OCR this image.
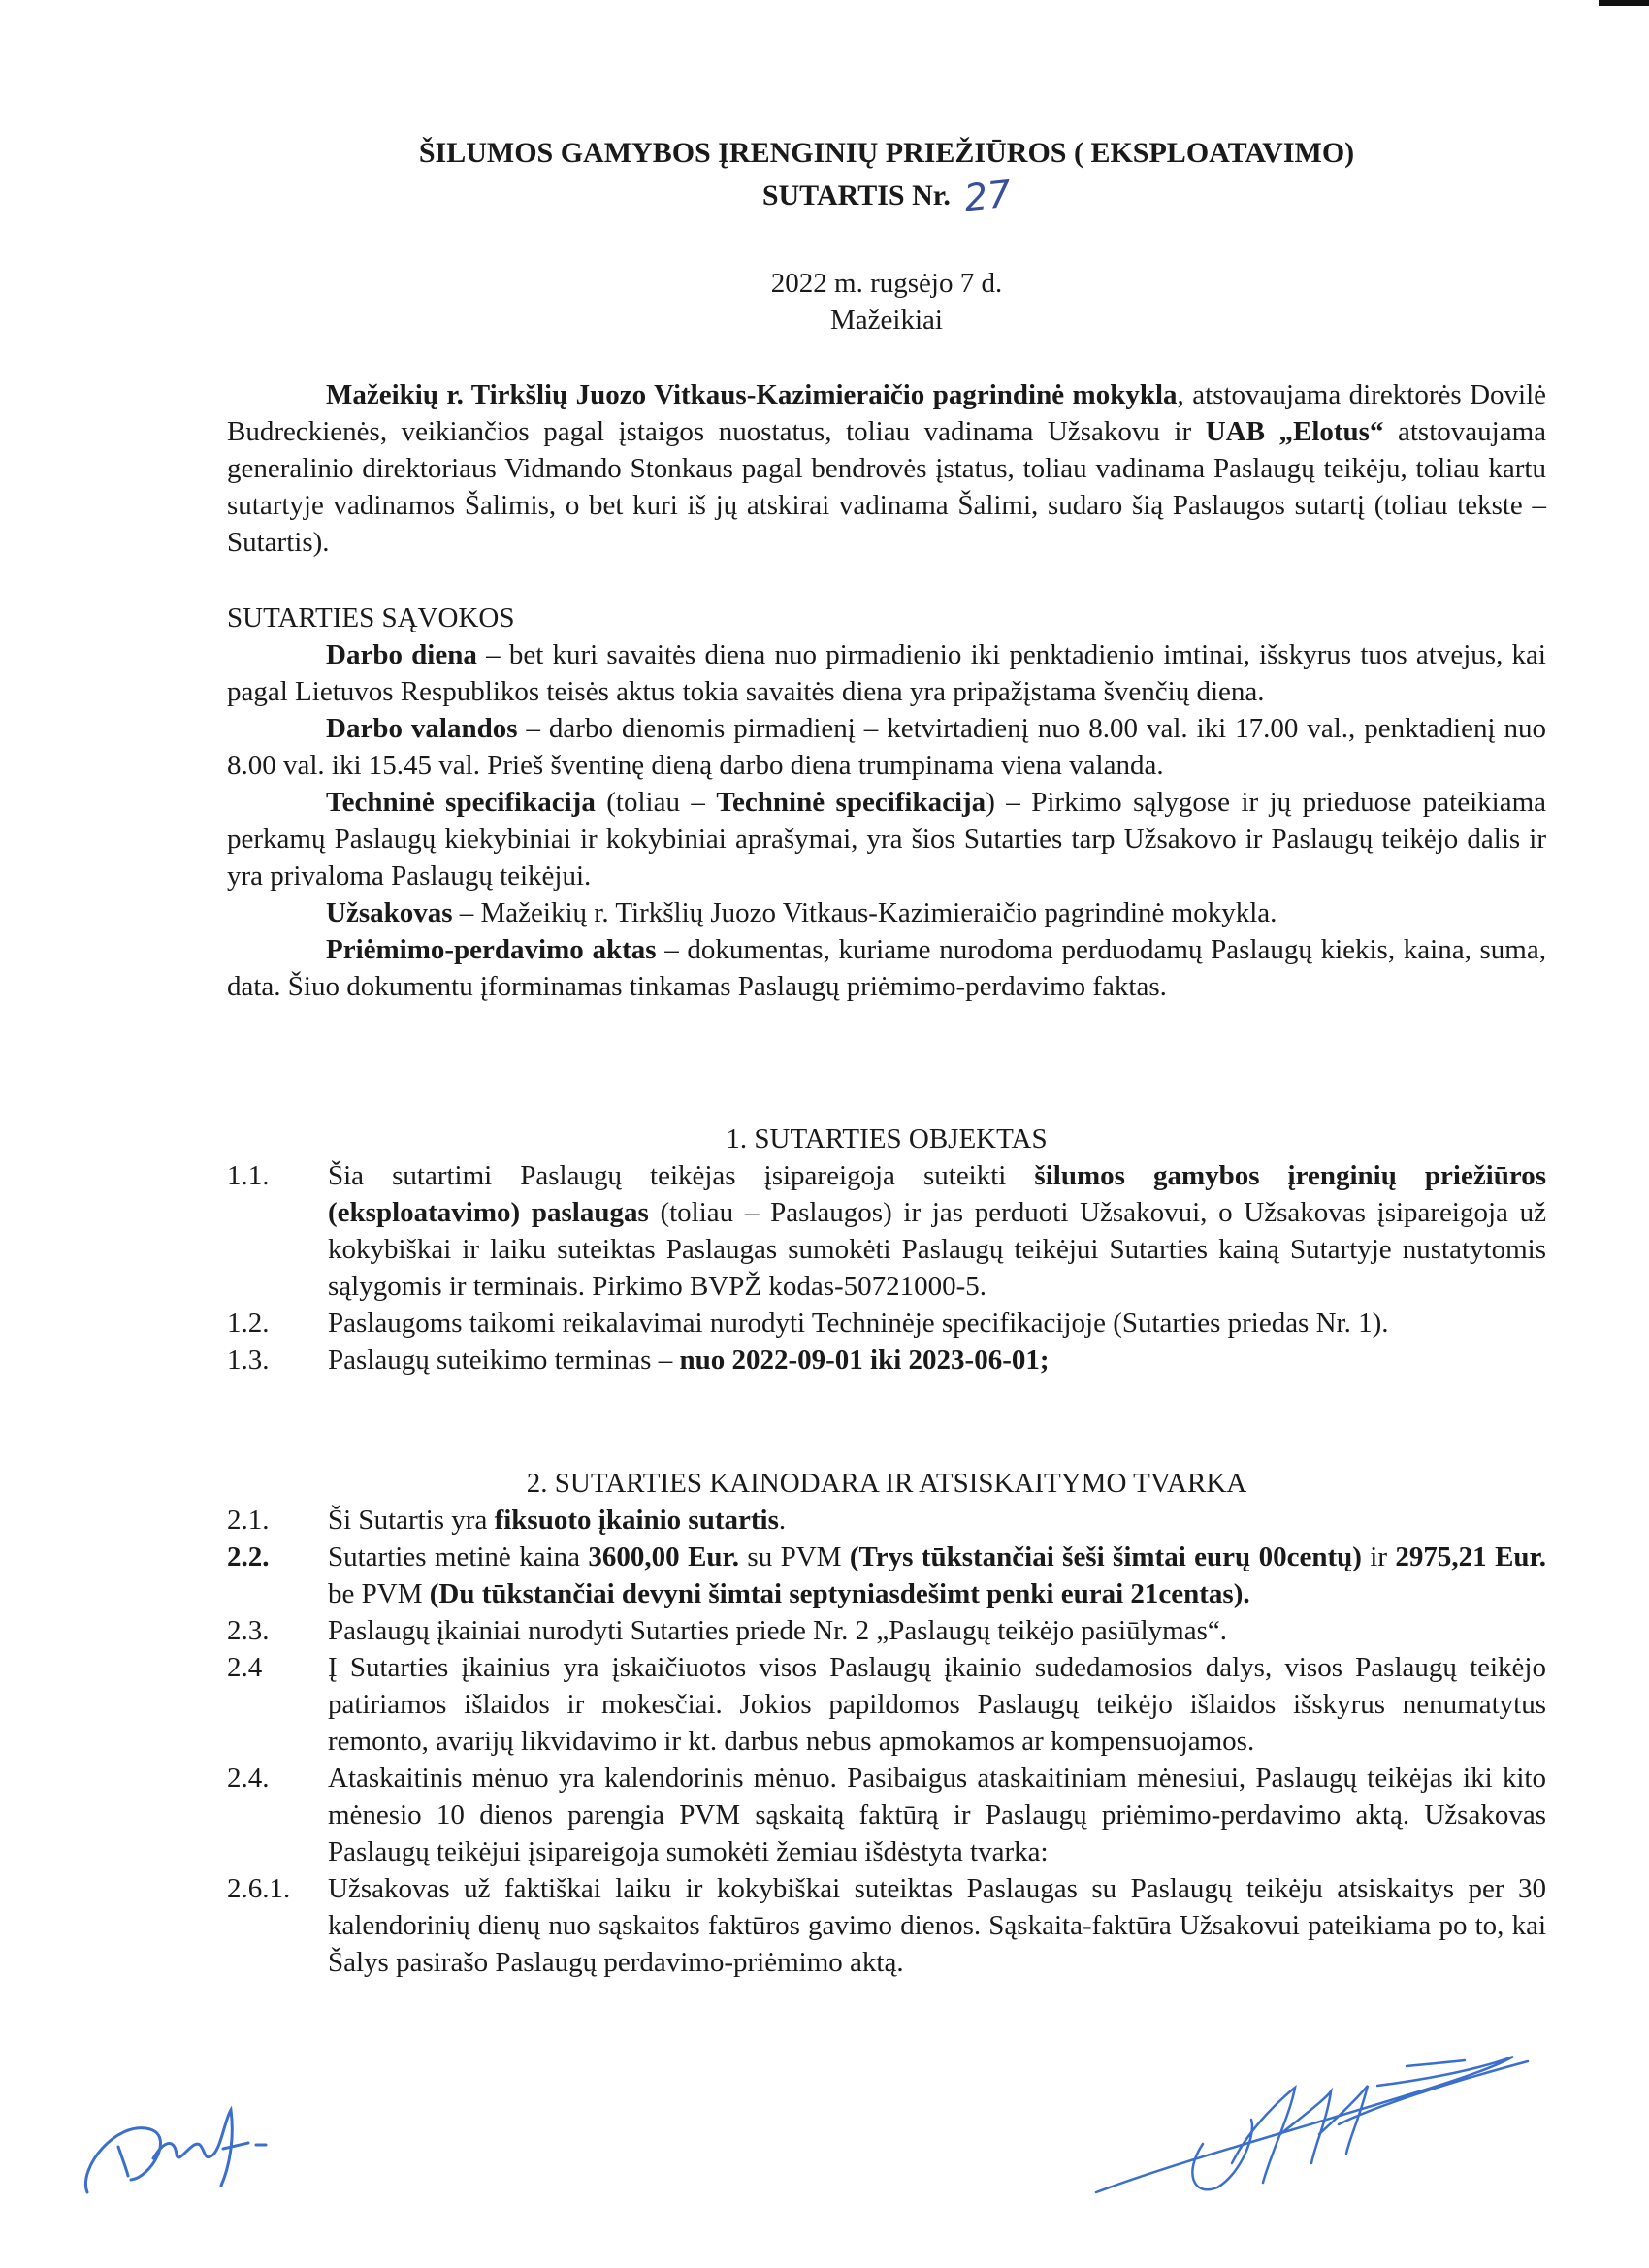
ŠILUMOS GAMYBOS ĮRENGINIŲ PRIEŽIŪROS ( EKSPLOATAVIMO)
SUTARTIS Nr. 27
2022 m. rugsėjo 7 d.
Mažeikiai

Mažeikių r. Tirkšlių Juozo Vitkaus-Kazimieraičio pagrindinė mokykla, atstovaujama direktorės Dovilė Budreckienės, veikiančios pagal įstaigos nuostatus, toliau vadinama Užsakovu ir UAB „Elotus“ atstovaujama generalinio direktoriaus Vidmando Stonkaus pagal bendrovės įstatus, toliau vadinama Paslaugų teikėju, toliau kartu sutartyje vadinamos Šalimis, o bet kuri iš jų atskirai vadinama Šalimi, sudaro šią Paslaugos sutartį (toliau tekste – Sutartis).

SUTARTIES SĄVOKOS

Darbo diena – bet kuri savaitės diena nuo pirmadienio iki penktadienio imtinai, išskyrus tuos atvejus, kai pagal Lietuvos Respublikos teisės aktus tokia savaitės diena yra pripažįstama švenčių diena.

Darbo valandos – darbo dienomis pirmadienį – ketvirtadienį nuo 8.00 val. iki 17.00 val., penktadienį nuo 8.00 val. iki 15.45 val. Prieš šventinę dieną darbo diena trumpinama viena valanda.

Techninė specifikacija (toliau – Techninė specifikacija) – Pirkimo sąlygose ir jų prieduose pateikiama perkamų Paslaugų kiekybiniai ir kokybiniai aprašymai, yra šios Sutarties tarp Užsakovo ir Paslaugų teikėjo dalis ir yra privaloma Paslaugų teikėjui.

Užsakovas – Mažeikių r. Tirkšlių Juozo Vitkaus-Kazimieraičio pagrindinė mokykla.

Priėmimo-perdavimo aktas – dokumentas, kuriame nurodoma perduodamų Paslaugų kiekis, kaina, suma, data. Šiuo dokumentu įforminamas tinkamas Paslaugų priėmimo-perdavimo faktas.

1. SUTARTIES OBJEKTAS

1.1.	Šia sutartimi Paslaugų teikėjas įsipareigoja suteikti šilumos gamybos įrenginių priežiūros (eksploatavimo) paslaugas (toliau – Paslaugos) ir jas perduoti Užsakovui, o Užsakovas įsipareigoja už kokybiškai ir laiku suteiktas Paslaugas sumokėti Paslaugų teikėjui Sutarties kainą Sutartyje nustatytomis sąlygomis ir terminais. Pirkimo BVPŽ kodas-50721000-5.
1.2.	Paslaugoms taikomi reikalavimai nurodyti Techninėje specifikacijoje (Sutarties priedas Nr. 1).
1.3.	Paslaugų suteikimo terminas – nuo 2022-09-01 iki 2023-06-01;

2. SUTARTIES KAINODARA IR ATSISKAITYMO TVARKA

2.1.	Ši Sutartis yra fiksuoto įkainio sutartis.
2.2.	Sutarties metinė kaina 3600,00 Eur. su PVM (Trys tūkstančiai šeši šimtai eurų 00centų) ir 2975,21 Eur. be PVM (Du tūkstančiai devyni šimtai septyniasdešimt penki eurai 21centas).
2.3.	Paslaugų įkainiai nurodyti Sutarties priede Nr. 2 „Paslaugų teikėjo pasiūlymas“.
2.4	Į Sutarties įkainius yra įskaičiuotos visos Paslaugų įkainio sudedamosios dalys, visos Paslaugų teikėjo patiriamos išlaidos ir mokesčiai. Jokios papildomos Paslaugų teikėjo išlaidos išskyrus nenumatytus remonto, avarijų likvidavimo ir kt. darbus nebus apmokamos ar kompensuojamos.
2.4.	Ataskaitinis mėnuo yra kalendorinis mėnuo. Pasibaigus ataskaitiniam mėnesiui, Paslaugų teikėjas iki kito mėnesio 10 dienos parengia PVM sąskaitą faktūrą ir Paslaugų priėmimo-perdavimo aktą. Užsakovas Paslaugų teikėjui įsipareigoja sumokėti žemiau išdėstyta tvarka:
2.6.1.	Užsakovas už faktiškai laiku ir kokybiškai suteiktas Paslaugas su Paslaugų teikėju atsiskaitys per 30 kalendorinių dienų nuo sąskaitos faktūros gavimo dienos. Sąskaita-faktūra Užsakovui pateikiama po to, kai Šalys pasirašo Paslaugų perdavimo-priėmimo aktą.
